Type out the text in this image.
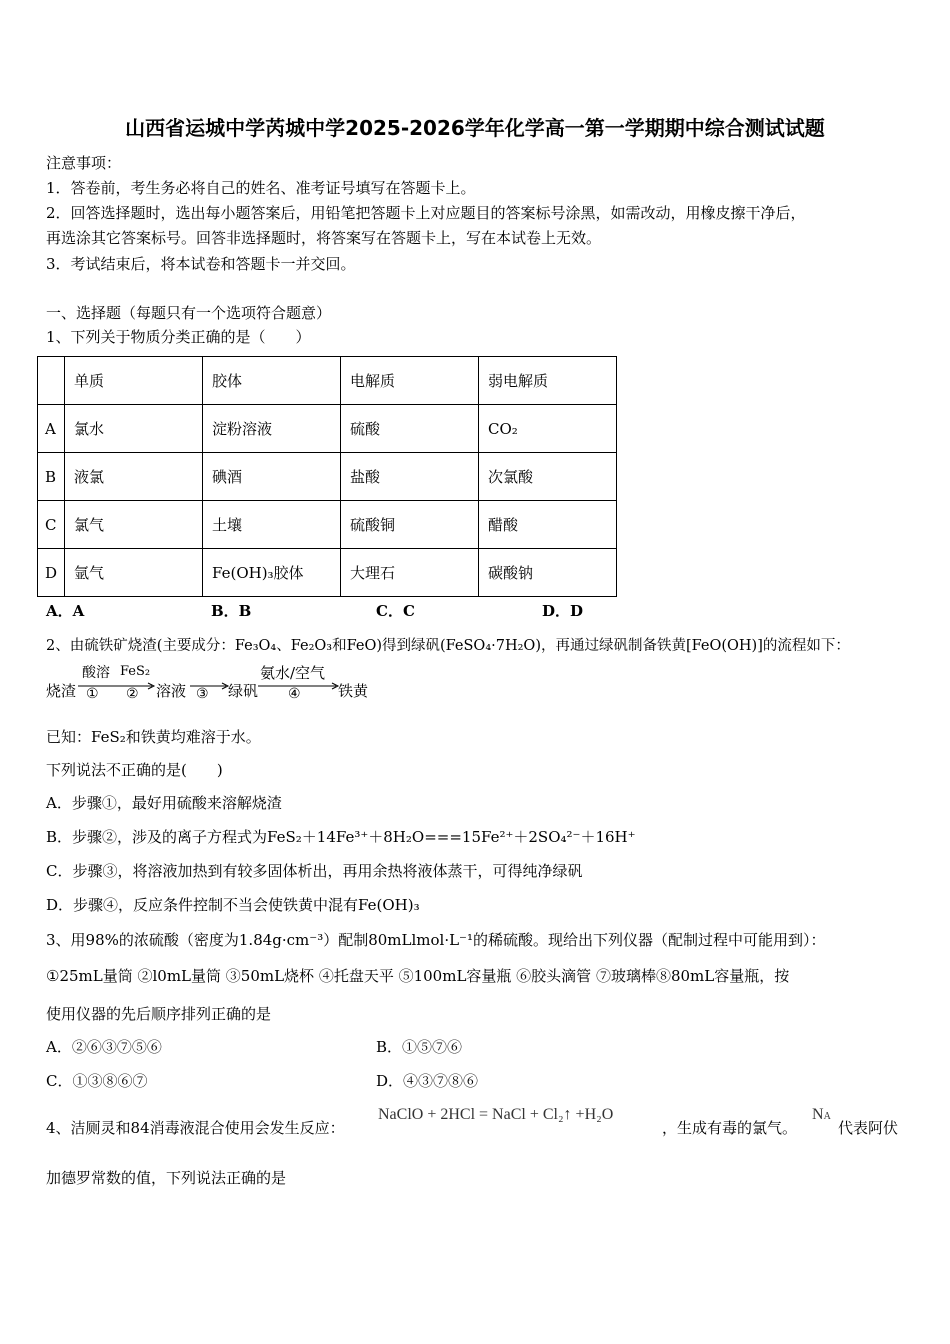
山西省运城中学芮城中学2025-2026学年化学高一第一学期期中综合测试试题
注意事项：
1．答卷前，考生务必将自己的姓名、准考证号填写在答题卡上。
2．回答选择题时，选出每小题答案后，用铅笔把答题卡上对应题目的答案标号涂黑，如需改动，用橡皮擦干净后，
再选涂其它答案标号。回答非选择题时，将答案写在答题卡上，写在本试卷上无效。
3．考试结束后，将本试卷和答题卡一并交回。
一、选择题（每题只有一个选项符合题意）
1、下列关于物质分类正确的是（　　）
	单质	胶体	电解质	弱电解质
A	氯水	淀粉溶液	硫酸	CO₂
B	液氯	碘酒	盐酸	次氯酸
C	氯气	土壤	硫酸铜	醋酸
D	氩气	Fe(OH)₃胶体	大理石	碳酸钠
A．A	B．B	C．C	D．D
2、由硫铁矿烧渣(主要成分：Fe₃O₄、Fe₂O₃和FeO)得到绿矾(FeSO₄·7H₂O)，再通过绿矾制备铁黄[FeO(OH)]的流程如下：
烧渣
酸溶 FeS₂
① ② 溶液 ③ 绿矾
氨水/空气
④ 铁黄
已知：FeS₂和铁黄均难溶于水。
下列说法不正确的是(　　)
A．步骤①，最好用硫酸来溶解烧渣
B．步骤②，涉及的离子方程式为FeS₂＋14Fe³⁺＋8H₂O===15Fe²⁺＋2SO₄²⁻＋16H⁺
C．步骤③，将溶液加热到有较多固体析出，再用余热将液体蒸干，可得纯净绿矾
D．步骤④，反应条件控制不当会使铁黄中混有Fe(OH)₃
3、用98%的浓硫酸（密度为1.84g·cm⁻³）配制80mLlmol·L⁻¹的稀硫酸。现给出下列仪器（配制过程中可能用到）：
①25mL量筒 ②l0mL量筒 ③50mL烧杯 ④托盘天平 ⑤100mL容量瓶 ⑥胶头滴管 ⑦玻璃棒⑧80mL容量瓶，按
使用仪器的先后顺序排列正确的是
A．②⑥③⑦⑤⑥	B．①⑤⑦⑥
C．①③⑧⑥⑦	D．④③⑦⑧⑥
4、洁厕灵和84消毒液混合使用会发生反应：
NaClO + 2HCl = NaCl + Cl₂↑ +H₂O
，生成有毒的氯气。
NA
代表阿伏
加德罗常数的值，下列说法正确的是
